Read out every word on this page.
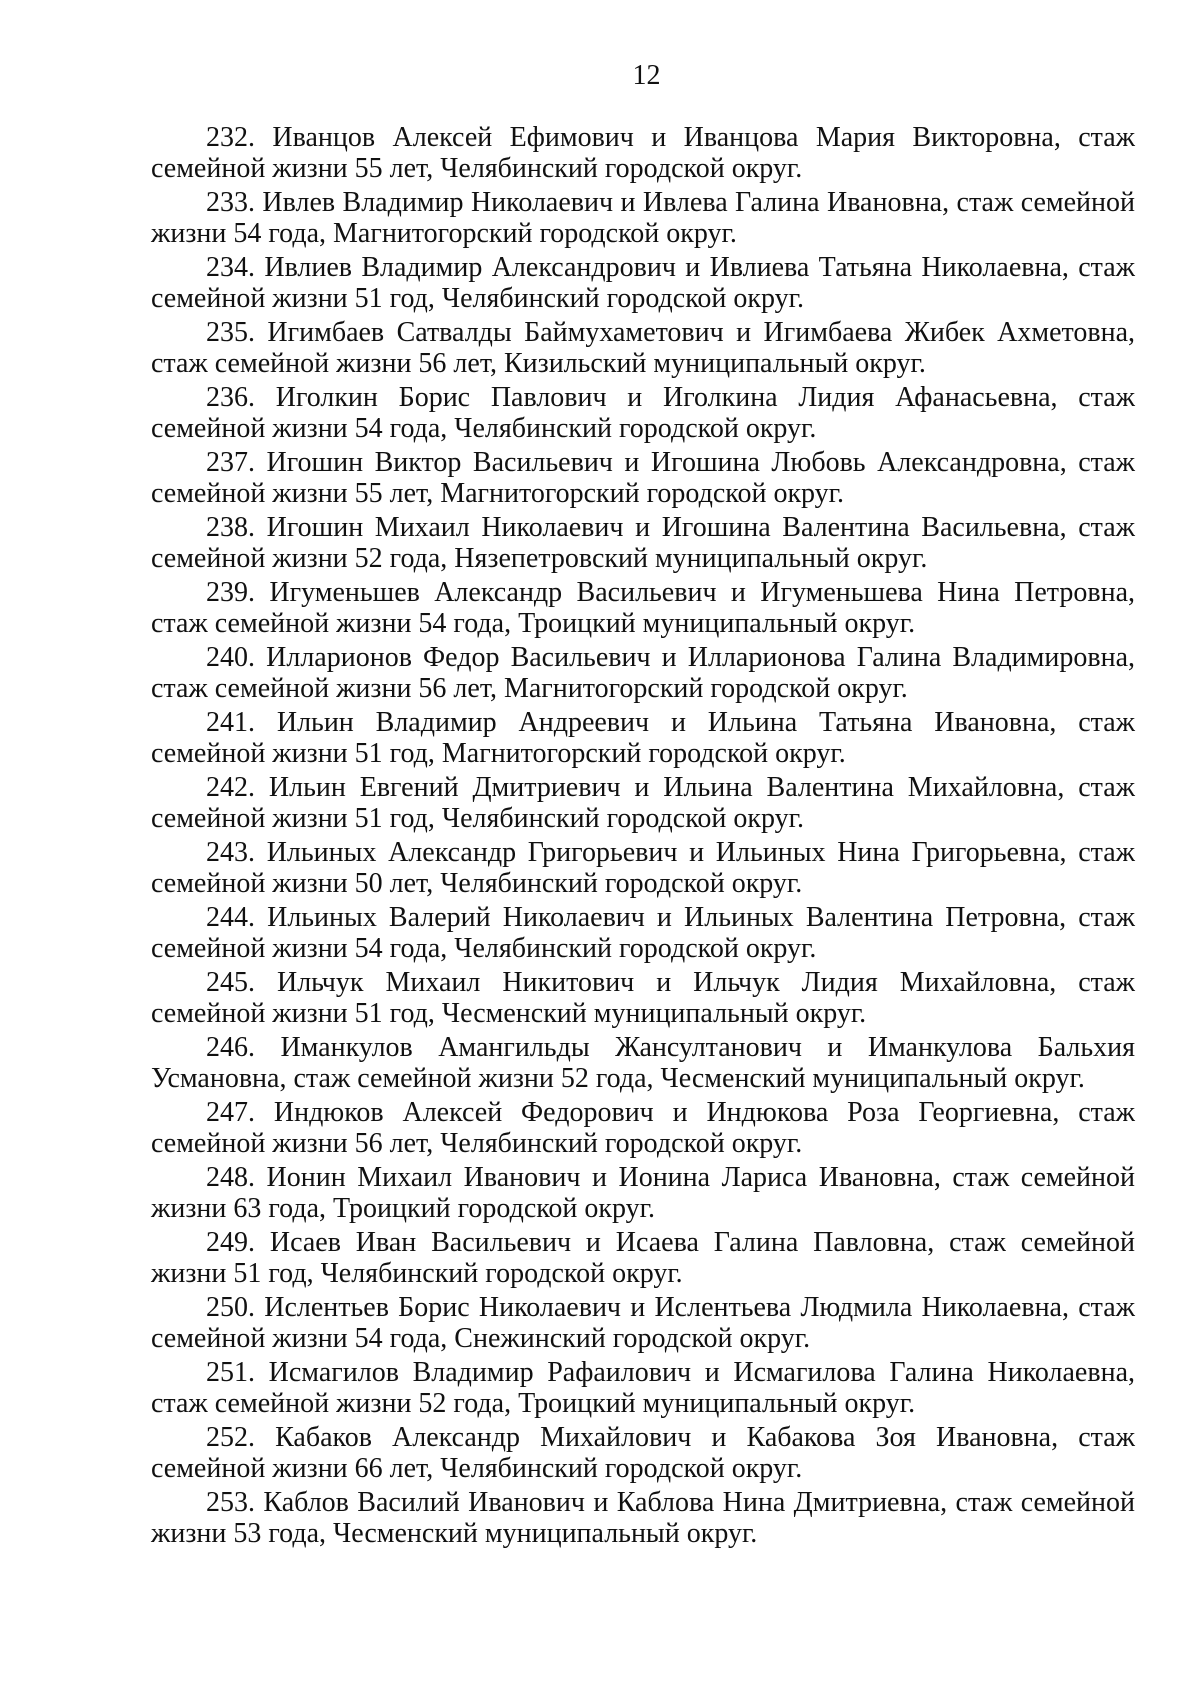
12
232. Иванцов Алексей Ефимович и Иванцова Мария Викторовна, стаж семейной жизни 55 лет, Челябинский городской округ.
233. Ивлев Владимир Николаевич и Ивлева Галина Ивановна, стаж семейной жизни 54 года, Магнитогорский городской округ.
234. Ивлиев Владимир Александрович и Ивлиева Татьяна Николаевна, стаж семейной жизни 51 год, Челябинский городской округ.
235. Игимбаев Сатвалды Баймухаметович и Игимбаева Жибек Ахметовна, стаж семейной жизни 56 лет, Кизильский муниципальный округ.
236. Иголкин Борис Павлович и Иголкина Лидия Афанасьевна, стаж семейной жизни 54 года, Челябинский городской округ.
237. Игошин Виктор Васильевич и Игошина Любовь Александровна, стаж семейной жизни 55 лет, Магнитогорский городской округ.
238. Игошин Михаил Николаевич и Игошина Валентина Васильевна, стаж семейной жизни 52 года, Нязепетровский муниципальный округ.
239. Игуменьшев Александр Васильевич и Игуменьшева Нина Петровна, стаж семейной жизни 54 года, Троицкий муниципальный округ.
240. Илларионов Федор Васильевич и Илларионова Галина Владимировна, стаж семейной жизни 56 лет, Магнитогорский городской округ.
241. Ильин Владимир Андреевич и Ильина Татьяна Ивановна, стаж семейной жизни 51 год, Магнитогорский городской округ.
242. Ильин Евгений Дмитриевич и Ильина Валентина Михайловна, стаж семейной жизни 51 год, Челябинский городской округ.
243. Ильиных Александр Григорьевич и Ильиных Нина Григорьевна, стаж семейной жизни 50 лет, Челябинский городской округ.
244. Ильиных Валерий Николаевич и Ильиных Валентина Петровна, стаж семейной жизни 54 года, Челябинский городской округ.
245. Ильчук Михаил Никитович и Ильчук Лидия Михайловна, стаж семейной жизни 51 год, Чесменский муниципальный округ.
246. Иманкулов Амангильды Жансултанович и Иманкулова Бальхия Усмановна, стаж семейной жизни 52 года, Чесменский муниципальный округ.
247. Индюков Алексей Федорович и Индюкова Роза Георгиевна, стаж семейной жизни 56 лет, Челябинский городской округ.
248. Ионин Михаил Иванович и Ионина Лариса Ивановна, стаж семейной жизни 63 года, Троицкий городской округ.
249. Исаев Иван Васильевич и Исаева Галина Павловна, стаж семейной жизни 51 год, Челябинский городской округ.
250. Ислентьев Борис Николаевич и Ислентьева Людмила Николаевна, стаж семейной жизни 54 года, Снежинский городской округ.
251. Исмагилов Владимир Рафаилович и Исмагилова Галина Николаевна, стаж семейной жизни 52 года, Троицкий муниципальный округ.
252. Кабаков Александр Михайлович и Кабакова Зоя Ивановна, стаж семейной жизни 66 лет, Челябинский городской округ.
253. Каблов Василий Иванович и Каблова Нина Дмитриевна, стаж семейной жизни 53 года, Чесменский муниципальный округ.
